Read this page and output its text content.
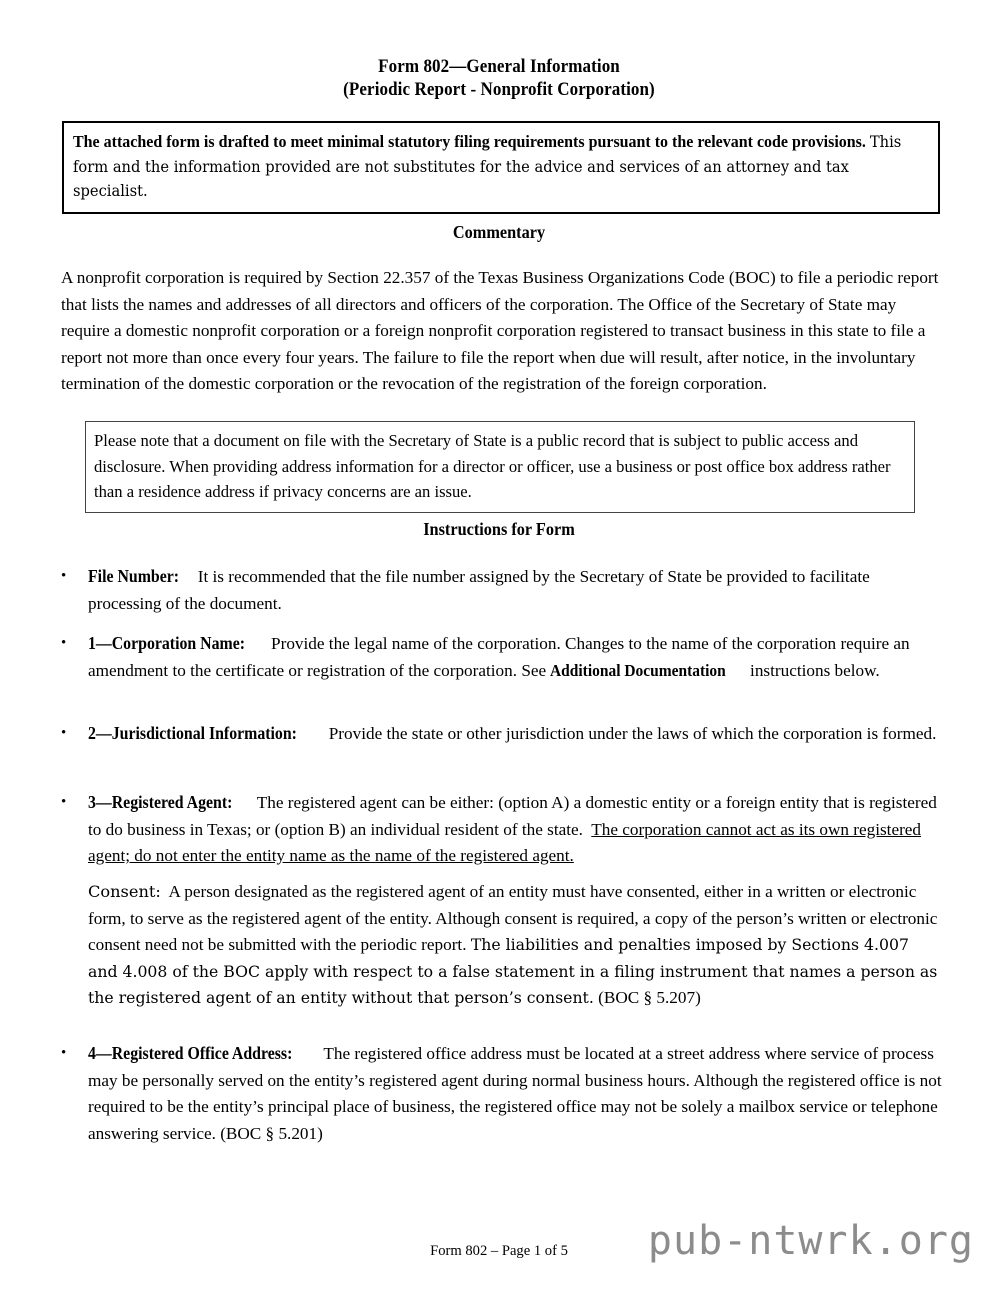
Form 802—General Information
(Periodic Report - Nonprofit Corporation)
The attached form is drafted to meet minimal statutory filing requirements pursuant to the relevant code provisions. This form and the information provided are not substitutes for the advice and services of an attorney and tax specialist.
Commentary
A nonprofit corporation is required by Section 22.357 of the Texas Business Organizations Code (BOC) to file a periodic report that lists the names and addresses of all directors and officers of the corporation. The Office of the Secretary of State may require a domestic nonprofit corporation or a foreign nonprofit corporation registered to transact business in this state to file a report not more than once every four years. The failure to file the report when due will result, after notice, in the involuntary termination of the domestic corporation or the revocation of the registration of the foreign corporation.
Please note that a document on file with the Secretary of State is a public record that is subject to public access and disclosure. When providing address information for a director or officer, use a business or post office box address rather than a residence address if privacy concerns are an issue.
Instructions for Form
•	File Number: It is recommended that the file number assigned by the Secretary of State be provided to facilitate processing of the document.
•	1—Corporation Name: Provide the legal name of the corporation. Changes to the name of the corporation require an amendment to the certificate or registration of the corporation. See Additional Documentation instructions below.
•	2—Jurisdictional Information: Provide the state or other jurisdiction under the laws of which the corporation is formed.
•	3—Registered Agent: The registered agent can be either: (option A) a domestic entity or a foreign entity that is registered to do business in Texas; or (option B) an individual resident of the state. The corporation cannot act as its own registered agent; do not enter the entity name as the name of the registered agent.
Consent: A person designated as the registered agent of an entity must have consented, either in a written or electronic form, to serve as the registered agent of the entity. Although consent is required, a copy of the person’s written or electronic consent need not be submitted with the periodic report. The liabilities and penalties imposed by Sections 4.007 and 4.008 of the BOC apply with respect to a false statement in a filing instrument that names a person as the registered agent of an entity without that person’s consent. (BOC § 5.207)
•	4—Registered Office Address: The registered office address must be located at a street address where service of process may be personally served on the entity’s registered agent during normal business hours. Although the registered office is not required to be the entity’s principal place of business, the registered office may not be solely a mailbox service or telephone answering service. (BOC § 5.201)
Form 802 – Page 1 of 5	pub-ntwrk.org
